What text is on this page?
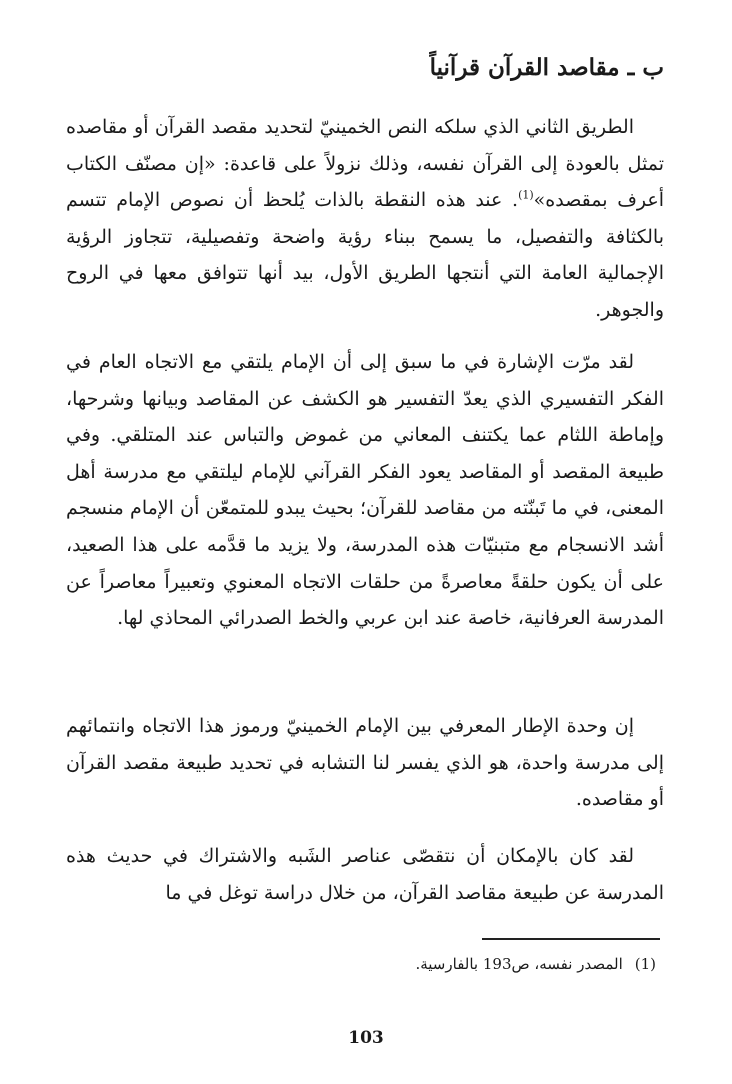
ب ـ مقاصد القرآن قرآنياً
الطريق الثاني الذي سلكه النص الخمينيّ لتحديد مقصد القرآن أو مقاصده تمثل بالعودة إلى القرآن نفسه، وذلك نزولاً على قاعدة: «إن مصنّف الكتاب أعرف بمقصده»$^{(1)}$. عند هذه النقطة بالذات يُلحظ أن نصوص الإمام تتسم بالكثافة والتفصيل، ما يسمح ببناء رؤية واضحة وتفصيلية، تتجاوز الرؤية الإجمالية العامة التي أنتجها الطريق الأول، بيد أنها تتوافق معها في الروح والجوهر.
لقد مرّت الإشارة في ما سبق إلى أن الإمام يلتقي مع الاتجاه العام في الفكر التفسيري الذي يعدّ التفسير هو الكشف عن المقاصد وبيانها وشرحها، وإماطة اللثام عما يكتنف المعاني من غموض والتباس عند المتلقي. وفي طبيعة المقصد أو المقاصد يعود الفكر القرآني للإمام ليلتقي مع مدرسة أهل المعنى، في ما تَبنّته من مقاصد للقرآن؛ بحيث يبدو للمتمعّن أن الإمام منسجم أشد الانسجام مع متبنيّات هذه المدرسة، ولا يزيد ما قدَّمه على هذا الصعيد، على أن يكون حلقةً معاصرةً من حلقات الاتجاه المعنوي وتعبيراً معاصراً عن المدرسة العرفانية، خاصة عند ابن عربي والخط الصدرائي المحاذي لها.
إن وحدة الإطار المعرفي بين الإمام الخمينيّ ورموز هذا الاتجاه وانتمائهم إلى مدرسة واحدة، هو الذي يفسر لنا التشابه في تحديد طبيعة مقصد القرآن أو مقاصده.
لقد كان بالإمكان أن نتقصّى عناصر الشَبه والاشتراك في حديث هذه المدرسة عن طبيعة مقاصد القرآن، من خلال دراسة توغل في ما
(1)المصدر نفسه، ص193 بالفارسية.
103
